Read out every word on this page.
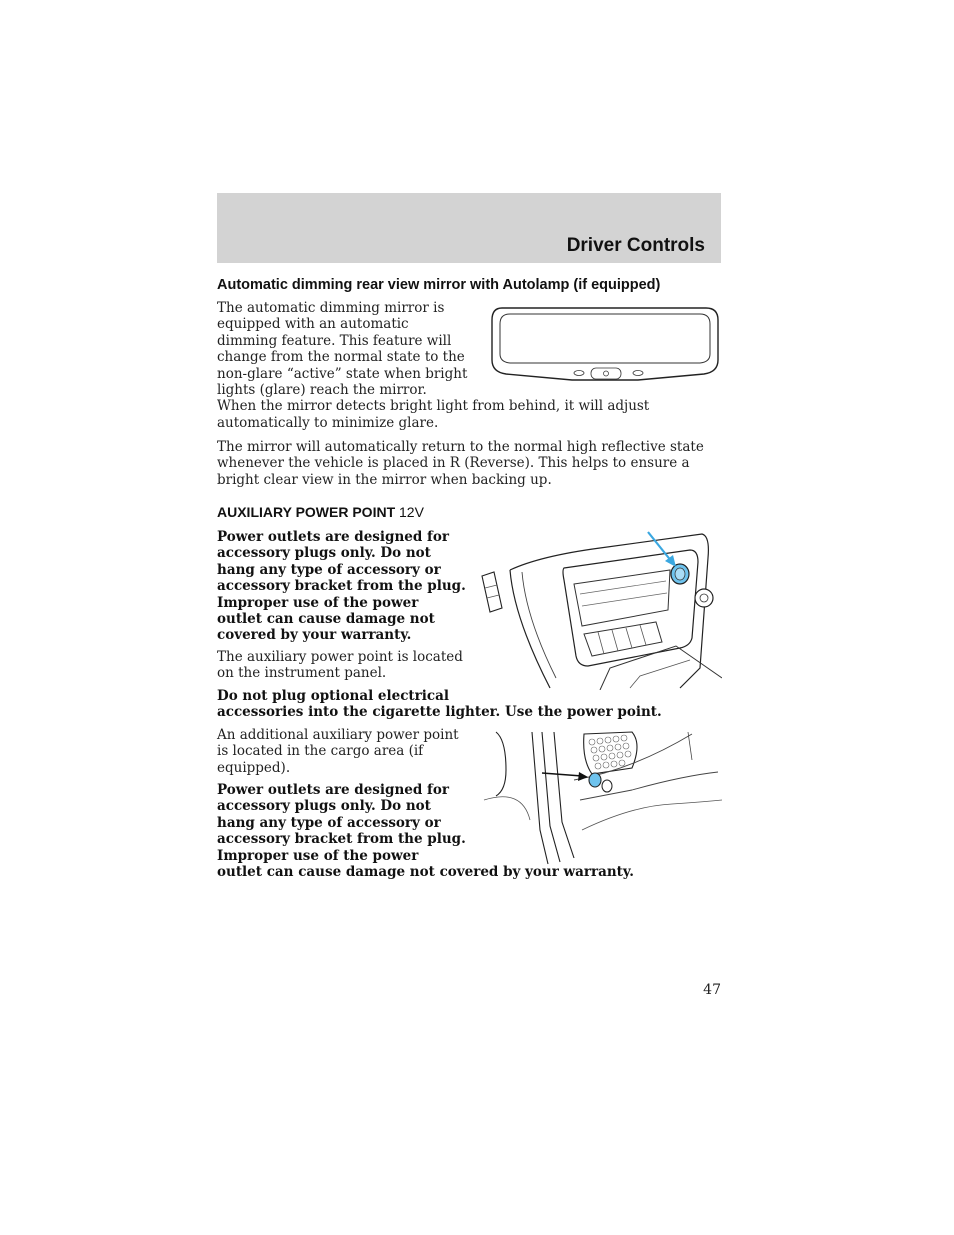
Driver Controls
Automatic dimming rear view mirror with Autolamp (if equipped)
The automatic dimming mirror is
equipped with an automatic
dimming feature. This feature will
change from the normal state to the
non-glare “active” state when bright
lights (glare) reach the mirror.
When the mirror detects bright light from behind, it will adjust
automatically to minimize glare.
The mirror will automatically return to the normal high reflective state
whenever the vehicle is placed in R (Reverse). This helps to ensure a
bright clear view in the mirror when backing up.
AUXILIARY POWER POINT 12V
Power outlets are designed for
accessory plugs only. Do not
hang any type of accessory or
accessory bracket from the plug.
Improper use of the power
outlet can cause damage not
covered by your warranty.
The auxiliary power point is located
on the instrument panel.
Do not plug optional electrical
accessories into the cigarette lighter. Use the power point.
An additional auxiliary power point
is located in the cargo area (if
equipped).
Power outlets are designed for
accessory plugs only. Do not
hang any type of accessory or
accessory bracket from the plug.
Improper use of the power
outlet can cause damage not covered by your warranty.
47
